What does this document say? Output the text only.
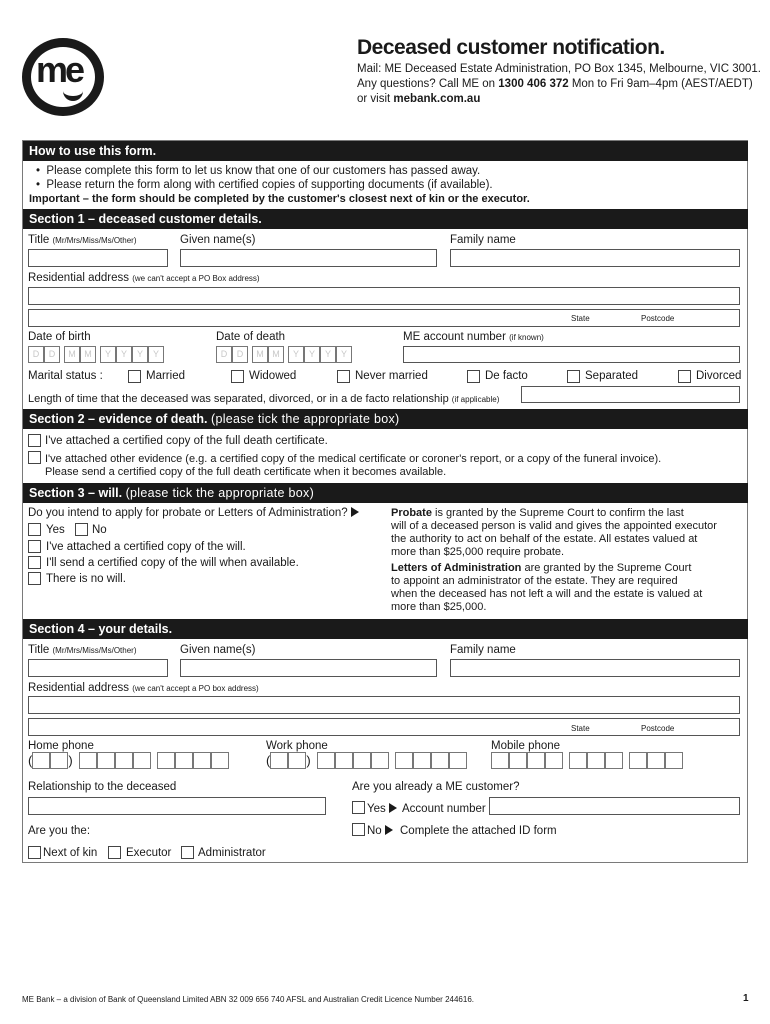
me
Deceased customer notification.
Mail: ME Deceased Estate Administration, PO Box 1345, Melbourne, VIC 3001.
Any questions? Call ME on 1300 406 372 Mon to Fri 9am–4pm (AEST/AEDT)
or visit mebank.com.au
How to use this form.
•  Please complete this form to let us know that one of our customers has passed away.
•  Please return the form along with certified copies of supporting documents (if available).
Important – the form should be completed by the customer's closest next of kin or the executor.
Section 1 – deceased customer details.
Title (Mr/Mrs/Miss/Ms/Other)	Given name(s)	Family name
Residential address (we can't accept a PO Box address)
State	Postcode
Date of birth	Date of death	ME account number (if known)
D	D	M M	Y	Y	Y	Y	D	D	M M	Y	Y	Y	Y
Marital status :	Married	Widowed	Never married	De facto	Separated	Divorced
Length of time that the deceased was separated, divorced, or in a de facto relationship (if applicable)
Section 2 – evidence of death. (please tick the appropriate box)
I've attached a certified copy of the full death certificate.
I've attached other evidence (e.g. a certified copy of the medical certificate or coroner's report, or a copy of the funeral invoice).
Please send a certified copy of the full death certificate when it becomes available.
Section 3 – will. (please tick the appropriate box)
Do you intend to apply for probate or Letters of Administration?
Yes No
I've attached a certified copy of the will.
I'll send a certified copy of the will when available.
There is no will.
Probate is granted by the Supreme Court to confirm the last
will of a deceased person is valid and gives the appointed executor
the authority to act on behalf of the estate. All estates valued at
more than $25,000 require probate.
Letters of Administration are granted by the Supreme Court
to appoint an administrator of the estate. They are required
when the deceased has not left a will and the estate is valued at
more than $25,000.
Section 4 – your details.
Title (Mr/Mrs/Miss/Ms/Other)	Given name(s)	Family name
Residential address (we can't accept a PO box address)
State	Postcode
Home phone	Work phone	Mobile phone
(	)	(	)
Relationship to the deceased	Are you already a ME customer?
Yes	Account number
Are you the:	No	Complete the attached ID form
Next of kin Executor Administrator
ME Bank – a division of Bank of Queensland Limited ABN 32 009 656 740 AFSL and Australian Credit Licence Number 244616.	1
